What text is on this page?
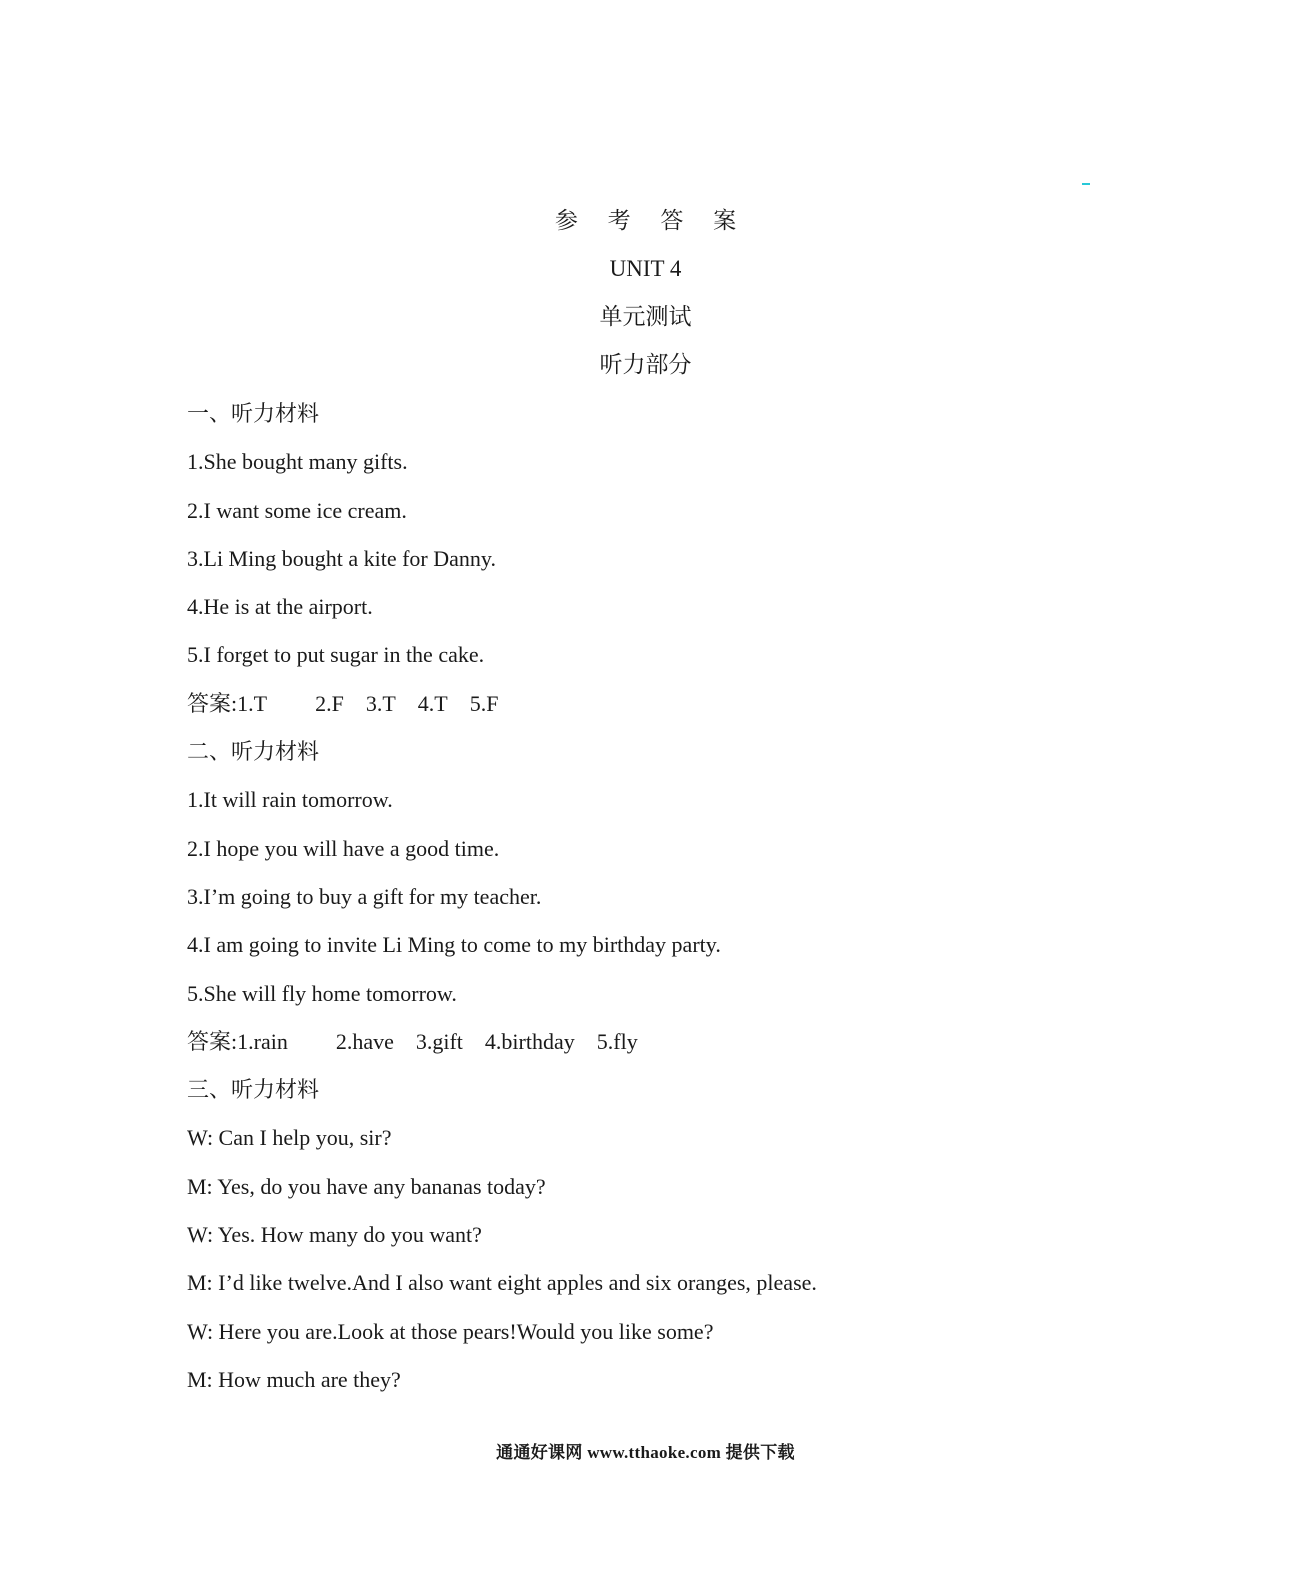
参 考 答 案
UNIT 4
单元测试
听力部分
一、听力材料
1.She bought many gifts.
2.I want some ice cream.
3.Li Ming bought a kite for Danny.
4.He is at the airport.
5.I forget to put sugar in the cake.
答案:1.T 2.F 3.T 4.T 5.F
二、听力材料
1.It will rain tomorrow.
2.I hope you will have a good time.
3.I’m going to buy a gift for my teacher.
4.I am going to invite Li Ming to come to my birthday party.
5.She will fly home tomorrow.
答案:1.rain 2.have 3.gift 4.birthday 5.fly
三、听力材料
W: Can I help you, sir?
M: Yes, do you have any bananas today?
W: Yes. How many do you want?
M: I’d like twelve.And I also want eight apples and six oranges, please.
W: Here you are.Look at those pears!Would you like some?
M: How much are they?
通通好课网 www.tthaoke.com 提供下载
